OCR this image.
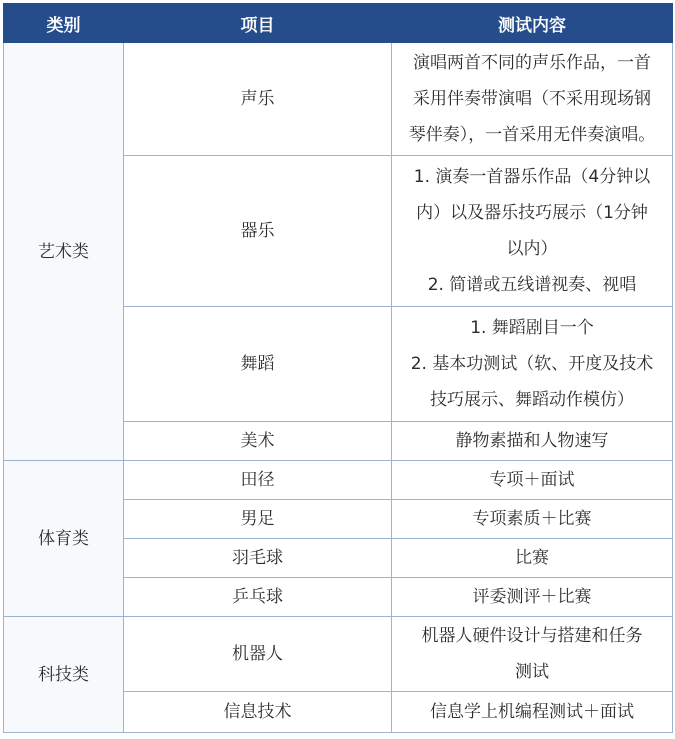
类别	项目	测试内容
艺术类	声乐	演唱两首不同的声乐作品，一首
采用伴奏带演唱（不采用现场钢
琴伴奏），一首采用无伴奏演唱。

	器乐	1. 演奏一首器乐作品（4分钟以
内）以及器乐技巧展示（1分钟
以内）
2. 简谱或五线谱视奏、视唱

	舞蹈	1. 舞蹈剧目一个
2. 基本功测试（软、开度及技术
技巧展示、舞蹈动作模仿）

	美术	静物素描和人物速写

体育类	田径	专项＋面试

	男足	专项素质＋比赛

	羽毛球	比赛

	乒乓球	评委测评＋比赛

科技类	机器人	机器人硬件设计与搭建和任务
测试

	信息技术	信息学上机编程测试＋面试
